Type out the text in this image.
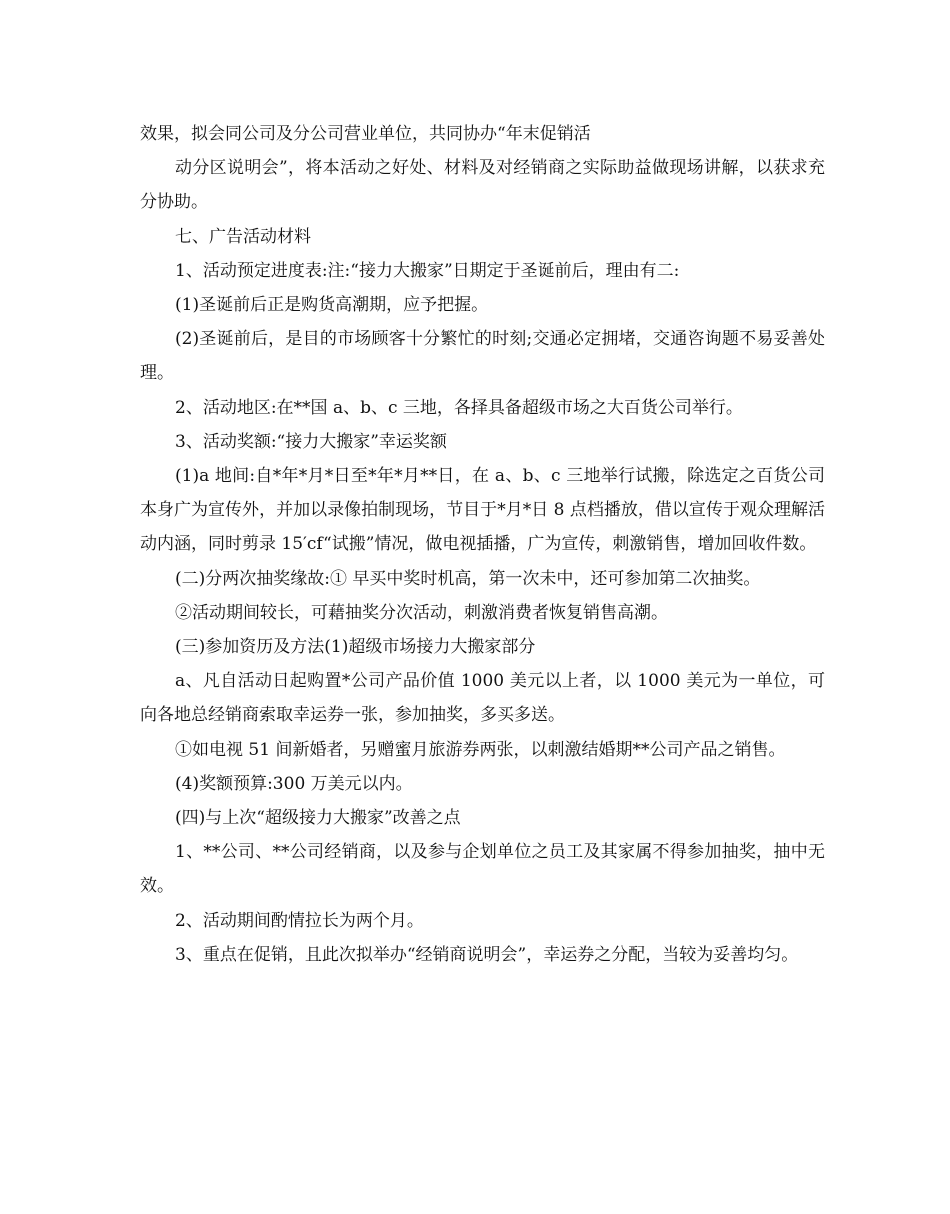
效果，拟会同公司及分公司营业单位，共同协办“年末促销活

动分区说明会”，将本活动之好处、材料及对经销商之实际助益做现场讲解，以获求充分协助。

七、广告活动材料

1、活动预定进度表:注:“接力大搬家”日期定于圣诞前后，理由有二:

(1)圣诞前后正是购货高潮期，应予把握。

(2)圣诞前后，是目的市场顾客十分繁忙的时刻;交通必定拥堵，交通咨询题不易妥善处理。

2、活动地区:在**国 a、b、c 三地，各择具备超级市场之大百货公司举行。

3、活动奖额:“接力大搬家”幸运奖额

(1)a 地间:自*年*月*日至*年*月**日，在 a、b、c 三地举行试搬，除选定之百货公司本身广为宣传外，并加以录像拍制现场，节目于*月*日 8 点档播放，借以宣传于观众理解活动内涵，同时剪录 15′cf“试搬”情况，做电视插播，广为宣传，刺激销售，增加回收件数。

(二)分两次抽奖缘故:① 早买中奖时机高，第一次未中，还可参加第二次抽奖。

②活动期间较长，可藉抽奖分次活动，刺激消费者恢复销售高潮。

(三)参加资历及方法(1)超级市场接力大搬家部分

a、凡自活动日起购置*公司产品价值 1000 美元以上者，以 1000 美元为一单位，可向各地总经销商索取幸运券一张，参加抽奖，多买多送。

①如电视 51 间新婚者，另赠蜜月旅游券两张，以刺激结婚期**公司产品之销售。

(4)奖额预算:300 万美元以内。

(四)与上次“超级接力大搬家”改善之点

1、**公司、**公司经销商，以及参与企划单位之员工及其家属不得参加抽奖，抽中无效。

2、活动期间酌情拉长为两个月。

3、重点在促销，且此次拟举办“经销商说明会”，幸运券之分配，当较为妥善均匀。
